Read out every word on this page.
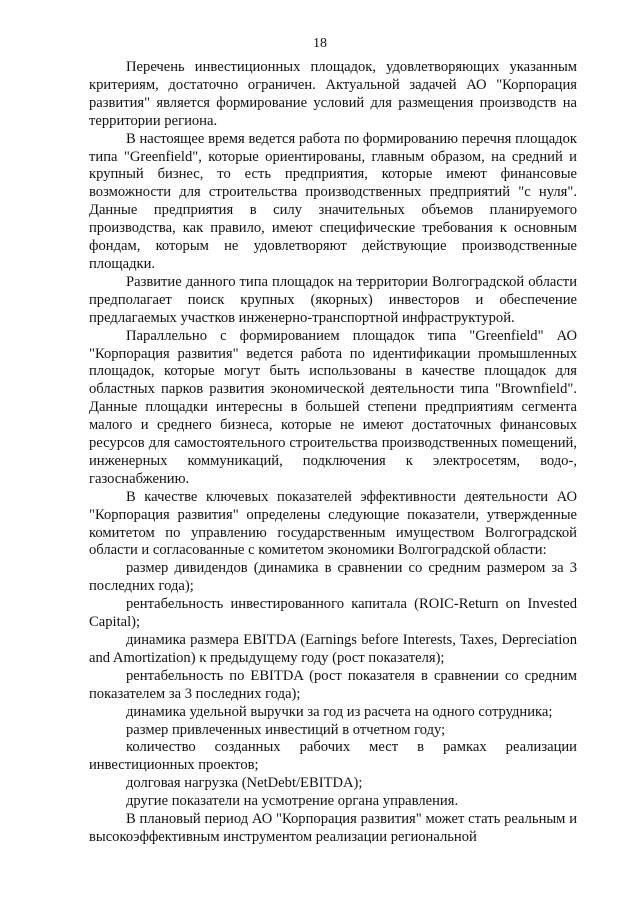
18

Перечень инвестиционных площадок, удовлетворяющих указанным критериям, достаточно ограничен. Актуальной задачей АО "Корпорация развития" является формирование условий для размещения производств на территории региона.

В настоящее время ведется работа по формированию перечня площадок типа "Greenfield", которые ориентированы, главным образом, на средний и крупный бизнес, то есть предприятия, которые имеют финансовые возможности для строительства производственных предприятий "с нуля". Данные предприятия в силу значительных объемов планируемого производства, как правило, имеют специфические требования к основным фондам, которым не удовлетворяют действующие производственные площадки.

Развитие данного типа площадок на территории Волгоградской области предполагает поиск крупных (якорных) инвесторов и обеспечение предлагаемых участков инженерно-транспортной инфраструктурой.

Параллельно с формированием площадок типа "Greenfield" АО "Корпорация развития" ведется работа по идентификации промышленных площадок, которые могут быть использованы в качестве площадок для областных парков развития экономической деятельности типа "Brownfield". Данные площадки интересны в большей степени предприятиям сегмента малого и среднего бизнеса, которые не имеют достаточных финансовых ресурсов для самостоятельного строительства производственных помещений, инженерных коммуникаций, подключения к электросетям, водо-, газоснабжению.

В качестве ключевых показателей эффективности деятельности АО "Корпорация развития" определены следующие показатели, утвержденные комитетом по управлению государственным имуществом Волгоградской области и согласованные с комитетом экономики Волгоградской области:

размер дивидендов (динамика в сравнении со средним размером за 3 последних года);

рентабельность инвестированного капитала (ROIC-Return on Invested Capital);

динамика размера EBITDA (Earnings before Interests, Taxes, Depreciation and Amortization) к предыдущему году (рост показателя);

рентабельность по EBITDA (рост показателя в сравнении со средним показателем за 3 последних года);

динамика удельной выручки за год из расчета на одного сотрудника;

размер привлеченных инвестиций в отчетном году;

количество созданных рабочих мест в рамках реализации инвестиционных проектов;

долговая нагрузка (NetDebt/EBITDA);

другие показатели на усмотрение органа управления.

В плановый период АО "Корпорация развития" может стать реальным и высокоэффективным инструментом реализации региональной
